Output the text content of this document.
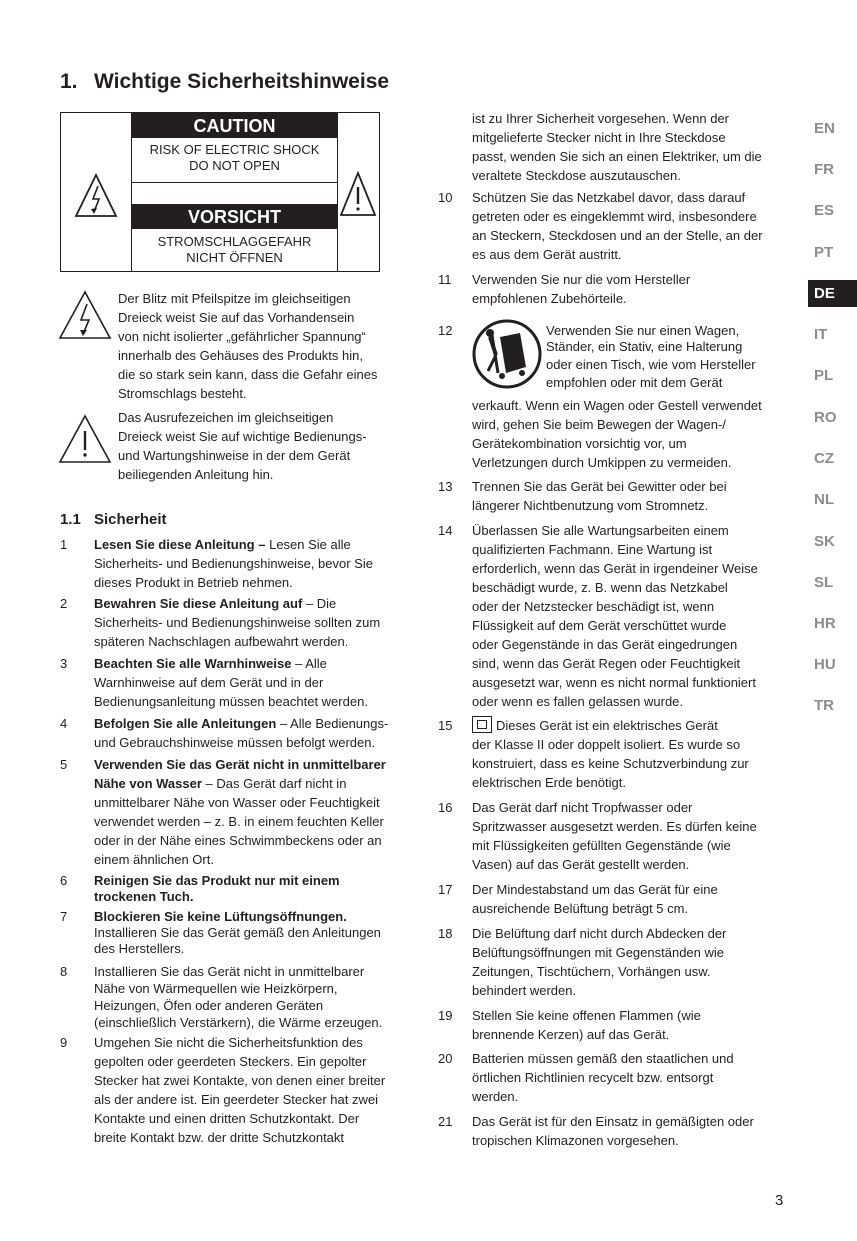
1. Wichtige Sicherheitshinweise
CAUTION
RISK OF ELECTRIC SHOCK
DO NOT OPEN
VORSICHT
STROMSCHLAGGEFAHR
NICHT ÖFFNEN
Der Blitz mit Pfeilspitze im gleichseitigen
Dreieck weist Sie auf das Vorhandensein
von nicht isolierter „gefährlicher Spannung“
innerhalb des Gehäuses des Produkts hin,
die so stark sein kann, dass die Gefahr eines
Stromschlags besteht.
Das Ausrufezeichen im gleichseitigen
Dreieck weist Sie auf wichtige Bedienungs-
und Wartungshinweise in der dem Gerät
beiliegenden Anleitung hin.
1.1 Sicherheit
1 Lesen Sie diese Anleitung – Lesen Sie alle
Sicherheits- und Bedienungshinweise, bevor Sie
dieses Produkt in Betrieb nehmen.
2 Bewahren Sie diese Anleitung auf – Die
Sicherheits- und Bedienungshinweise sollten zum
späteren Nachschlagen aufbewahrt werden.
3 Beachten Sie alle Warnhinweise – Alle
Warnhinweise auf dem Gerät und in der
Bedienungsanleitung müssen beachtet werden.
4 Befolgen Sie alle Anleitungen – Alle Bedienungs-
und Gebrauchshinweise müssen befolgt werden.
5 Verwenden Sie das Gerät nicht in unmittelbarer
Nähe von Wasser – Das Gerät darf nicht in
unmittelbarer Nähe von Wasser oder Feuchtigkeit
verwendet werden – z. B. in einem feuchten Keller
oder in der Nähe eines Schwimmbeckens oder an
einem ähnlichen Ort.
6 Reinigen Sie das Produkt nur mit einem
trockenen Tuch.
7 Blockieren Sie keine Lüftungsöffnungen.
Installieren Sie das Gerät gemäß den Anleitungen
des Herstellers.
8 Installieren Sie das Gerät nicht in unmittelbarer
Nähe von Wärmequellen wie Heizkörpern,
Heizungen, Öfen oder anderen Geräten
(einschließlich Verstärkern), die Wärme erzeugen.
9 Umgehen Sie nicht die Sicherheitsfunktion des
gepolten oder geerdeten Steckers. Ein gepolter
Stecker hat zwei Kontakte, von denen einer breiter
als der andere ist. Ein geerdeter Stecker hat zwei
Kontakte und einen dritten Schutzkontakt. Der
breite Kontakt bzw. der dritte Schutzkontakt
ist zu Ihrer Sicherheit vorgesehen. Wenn der
mitgelieferte Stecker nicht in Ihre Steckdose
passt, wenden Sie sich an einen Elektriker, um die
veraltete Steckdose auszutauschen.
10 Schützen Sie das Netzkabel davor, dass darauf
getreten oder es eingeklemmt wird, insbesondere
an Steckern, Steckdosen und an der Stelle, an der
es aus dem Gerät austritt.
11 Verwenden Sie nur die vom Hersteller
empfohlenen Zubehörteile.
12	Verwenden Sie nur einen Wagen,
Ständer, ein Stativ, eine Halterung
oder einen Tisch, wie vom Hersteller
empfohlen oder mit dem Gerät
verkauft. Wenn ein Wagen oder Gestell verwendet
wird, gehen Sie beim Bewegen der Wagen-/
Gerätekombination vorsichtig vor, um
Verletzungen durch Umkippen zu vermeiden.
13 Trennen Sie das Gerät bei Gewitter oder bei
längerer Nichtbenutzung vom Stromnetz.
14 Überlassen Sie alle Wartungsarbeiten einem
qualifizierten Fachmann. Eine Wartung ist
erforderlich, wenn das Gerät in irgendeiner Weise
beschädigt wurde, z. B. wenn das Netzkabel
oder der Netzstecker beschädigt ist, wenn
Flüssigkeit auf dem Gerät verschüttet wurde
oder Gegenstände in das Gerät eingedrungen
sind, wenn das Gerät Regen oder Feuchtigkeit
ausgesetzt war, wenn es nicht normal funktioniert
oder wenn es fallen gelassen wurde.
15	Dieses Gerät ist ein elektrisches Gerät
der Klasse II oder doppelt isoliert. Es wurde so
konstruiert, dass es keine Schutzverbindung zur
elektrischen Erde benötigt.
16 Das Gerät darf nicht Tropfwasser oder
Spritzwasser ausgesetzt werden. Es dürfen keine
mit Flüssigkeiten gefüllten Gegenstände (wie
Vasen) auf das Gerät gestellt werden.
17 Der Mindestabstand um das Gerät für eine
ausreichende Belüftung beträgt 5 cm.
18 Die Belüftung darf nicht durch Abdecken der
Belüftungsöffnungen mit Gegenständen wie
Zeitungen, Tischtüchern, Vorhängen usw.
behindert werden.
19 Stellen Sie keine offenen Flammen (wie
brennende Kerzen) auf das Gerät.
20 Batterien müssen gemäß den staatlichen und
örtlichen Richtlinien recycelt bzw. entsorgt
werden.
21 Das Gerät ist für den Einsatz in gemäßigten oder
tropischen Klimazonen vorgesehen.
EN
FR
ES
PT
DE
IT
PL
RO
CZ
NL
SK
SL
HR
HU
TR
3
